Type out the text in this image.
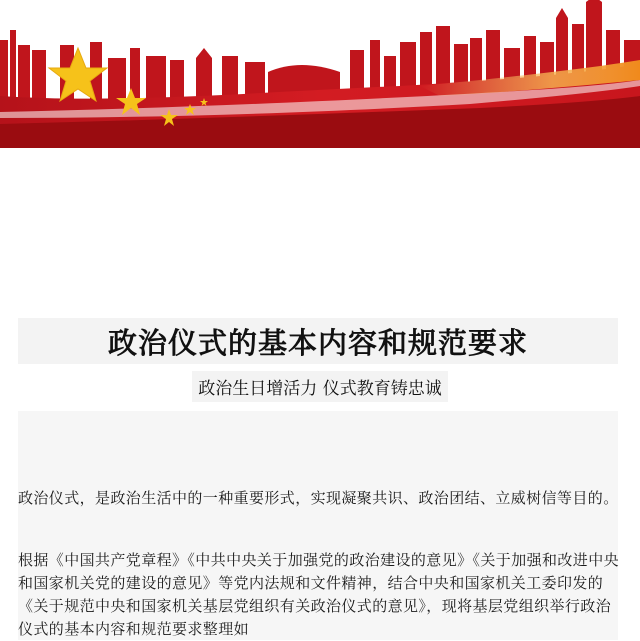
政治仪式的基本内容和规范要求
政治生日增活力 仪式教育铸忠诚

政治仪式，是政治生活中的一种重要形式，实现凝聚共识、政治团结、立威树信等目的。

根据《中国共产党章程》《中共中央关于加强党的政治建设的意见》《关于加强和改进中央和国家机关党的建设的意见》等党内法规和文件精神，结合中央和国家机关工委印发的《关于规范中央和国家机关基层党组织有关政治仪式的意见》，现将基层党组织举行政治仪式的基本内容和规范要求整理如
